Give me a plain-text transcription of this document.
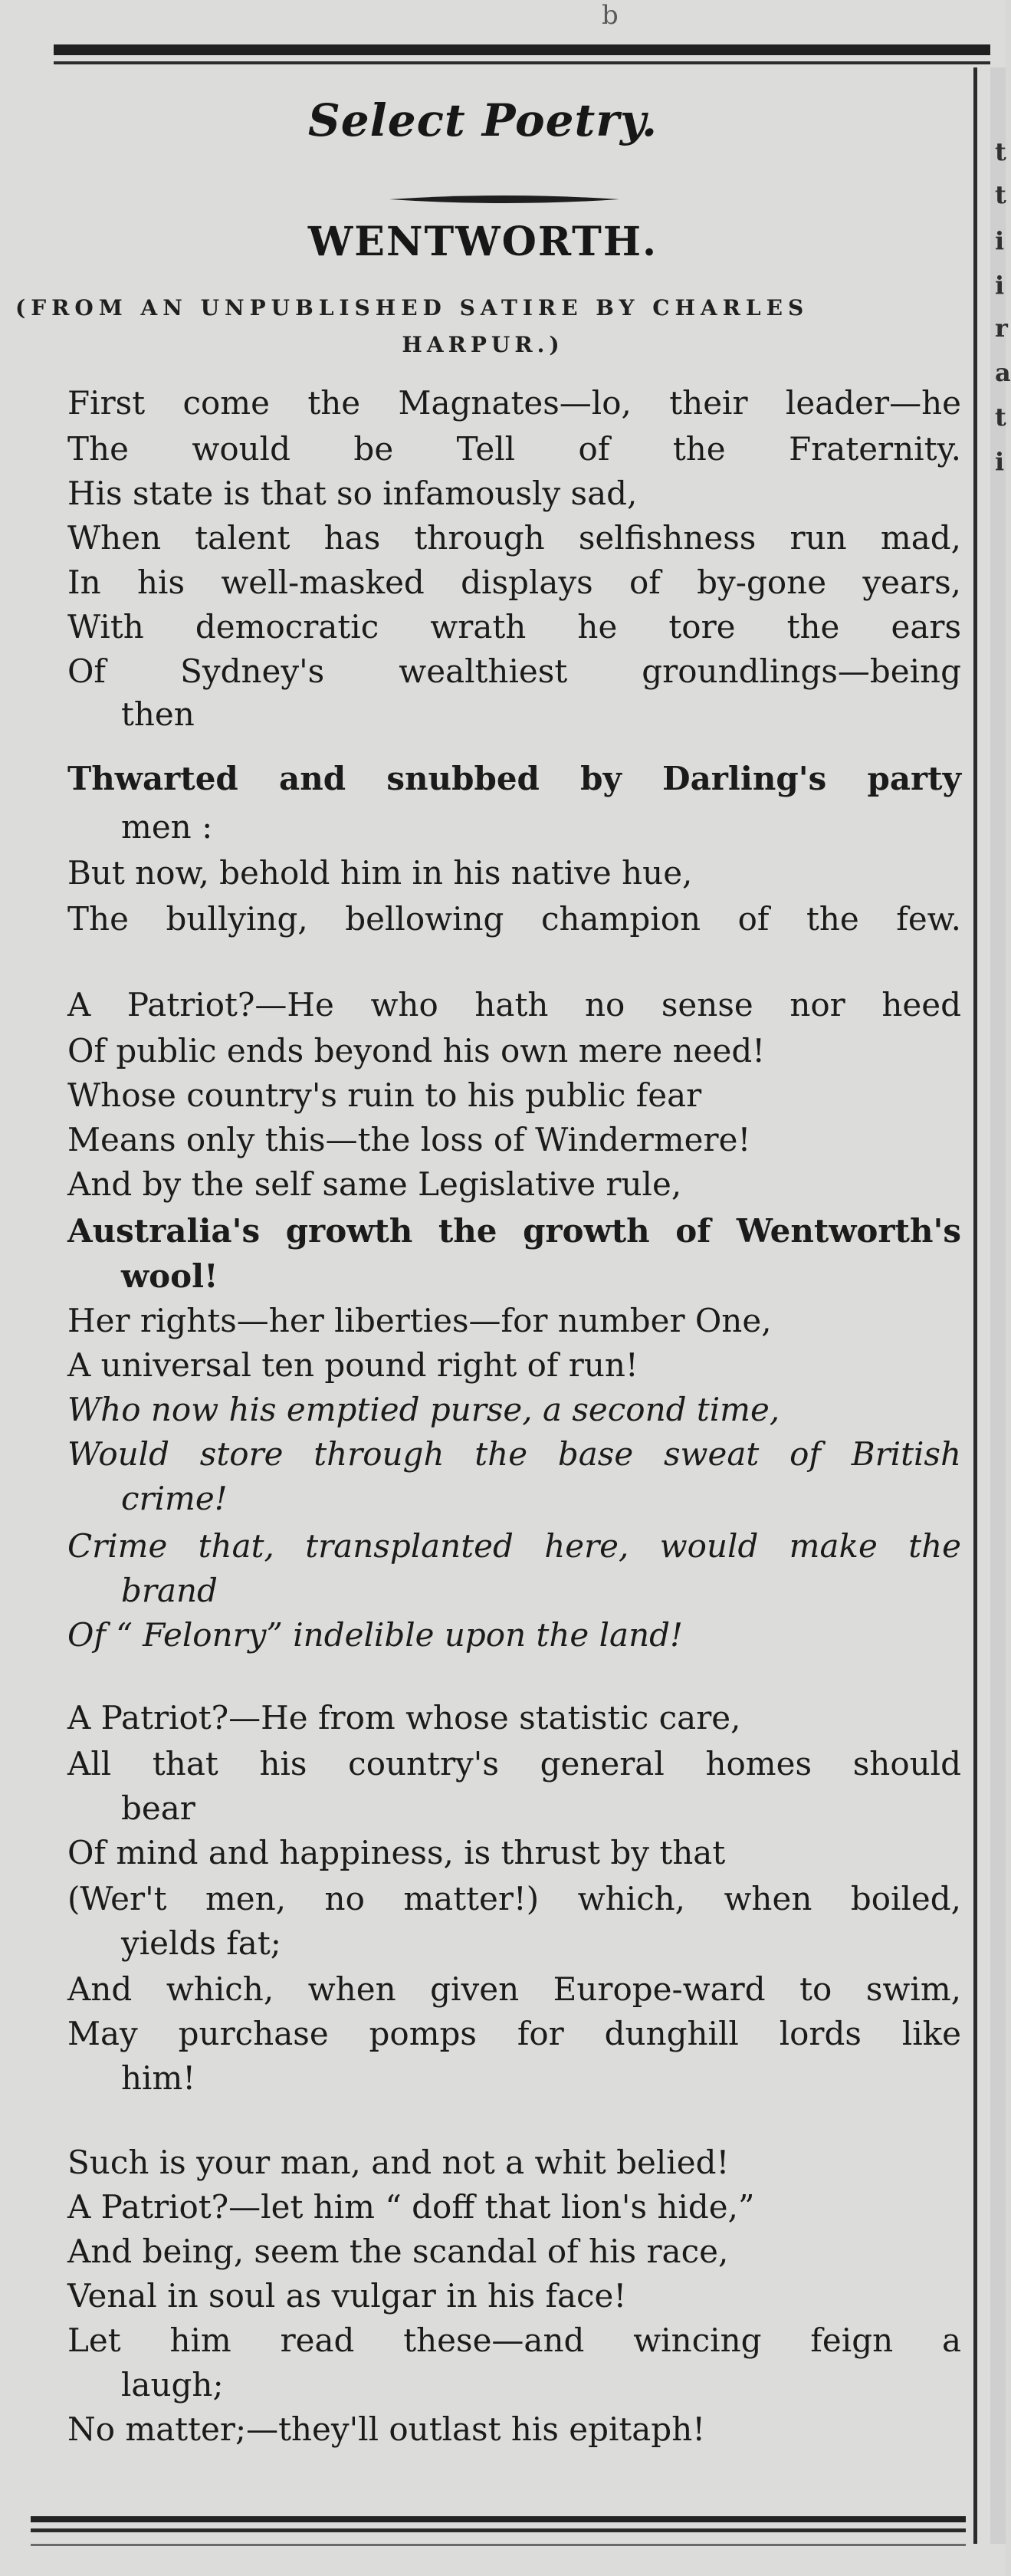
b
t
t
i
i
r
a
t
i
Select Poetry.
WENTWORTH.
(FROM AN UNPUBLISHED SATIRE BY CHARLES
HARPUR.)
First come the Magnates—lo, their leader—he
The would be Tell of the Fraternity.
His state is that so infamously sad,
When talent has through selfishness run mad,
In his well-masked displays of by-gone years,
With democratic wrath he tore the ears
Of Sydney's wealthiest groundlings—being
then
Thwarted and snubbed by Darling's party
men :
But now, behold him in his native hue,
The bullying, bellowing champion of the few.
A Patriot?—He who hath no sense nor heed
Of public ends beyond his own mere need!
Whose country's ruin to his public fear
Means only this—the loss of Windermere!
And by the self same Legislative rule,
Australia's growth the growth of Wentworth's
wool!
Her rights—her liberties—for number One,
A universal ten pound right of run!
Who now his emptied purse, a second time,
Would store through the base sweat of British
crime!
Crime that, transplanted here, would make the
brand
Of “ Felonry” indelible upon the land!
A Patriot?—He from whose statistic care,
All that his country's general homes should
bear
Of mind and happiness, is thrust by that
(Wer't men, no matter!) which, when boiled,
yields fat;
And which, when given Europe-ward to swim,
May purchase pomps for dunghill lords like
him!
Such is your man, and not a whit belied!
A Patriot?—let him “ doff that lion's hide,”
And being, seem the scandal of his race,
Venal in soul as vulgar in his face!
Let him read these—and wincing feign a
laugh;
No matter;—they'll outlast his epitaph!
